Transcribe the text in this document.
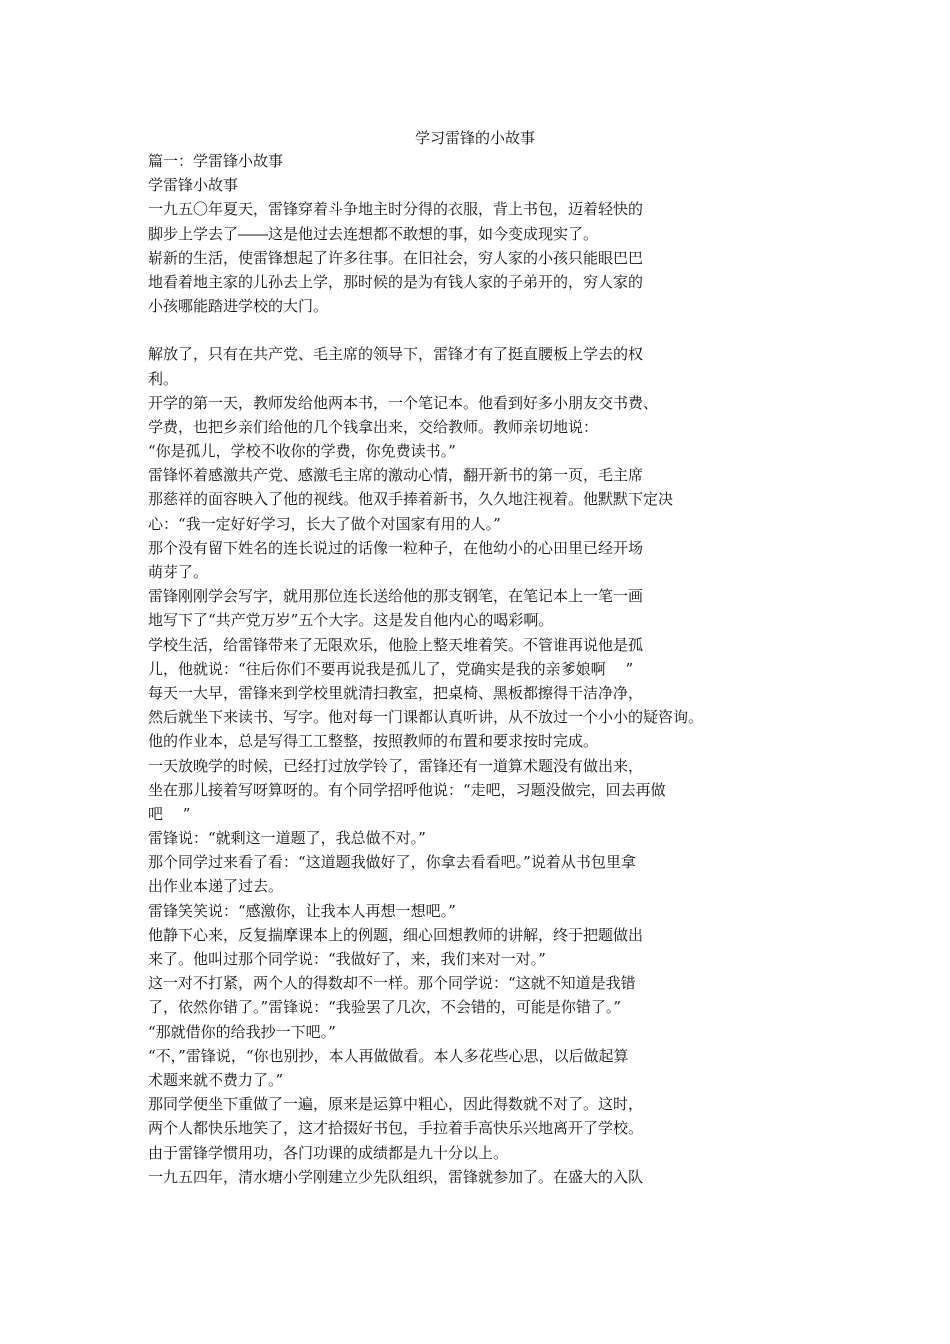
学习雷锋的小故事
篇一：学雷锋小故事
学雷锋小故事
一九五〇年夏天，雷锋穿着斗争地主时分得的衣服，背上书包，迈着轻快的
脚步上学去了――这是他过去连想都不敢想的事，如今变成现实了。
崭新的生活，使雷锋想起了许多往事。在旧社会，穷人家的小孩只能眼巴巴
地看着地主家的儿孙去上学，那时候的是为有钱人家的子弟开的，穷人家的
小孩哪能踏进学校的大门。
解放了，只有在共产党、毛主席的领导下，雷锋才有了挺直腰板上学去的权
利。
开学的第一天，教师发给他两本书，一个笔记本。他看到好多小朋友交书费、
学费，也把乡亲们给他的几个钱拿出来，交给教师。教师亲切地说：
“你是孤儿，学校不收你的学费，你免费读书。”
雷锋怀着感激共产党、感激毛主席的激动心情，翻开新书的第一页，毛主席
那慈祥的面容映入了他的视线。他双手捧着新书，久久地注视着。他默默下定决
心：“我一定好好学习，长大了做个对国家有用的人。”
那个没有留下姓名的连长说过的话像一粒种子，在他幼小的心田里已经开场
萌芽了。
雷锋刚刚学会写字，就用那位连长送给他的那支钢笔，在笔记本上一笔一画
地写下了“共产党万岁”五个大字。这是发自他内心的喝彩啊。
学校生活，给雷锋带来了无限欢乐，他脸上整天堆着笑。不管谁再说他是孤
儿，他就说：“往后你们不要再说我是孤儿了，党确实是我的亲爹娘啊　 ”
每天一大早，雷锋来到学校里就清扫教室，把桌椅、黑板都擦得干洁净净，
然后就坐下来读书、写字。他对每一门课都认真听讲，从不放过一个小小的疑咨询。
他的作业本，总是写得工工整整，按照教师的布置和要求按时完成。
一天放晚学的时候，已经打过放学铃了，雷锋还有一道算术题没有做出来，
坐在那儿接着写呀算呀的。有个同学招呼他说：“走吧，习题没做完，回去再做
吧　 ”
雷锋说：“就剩这一道题了，我总做不对。”
那个同学过来看了看：“这道题我做好了，你拿去看看吧。”说着从书包里拿
出作业本递了过去。
雷锋笑笑说：“感激你，让我本人再想一想吧。”
他静下心来，反复揣摩课本上的例题，细心回想教师的讲解，终于把题做出
来了。他叫过那个同学说：“我做好了，来，我们来对一对。”
这一对不打紧，两个人的得数却不一样。那个同学说：“这就不知道是我错
了，依然你错了。”雷锋说：“我验罢了几次，不会错的，可能是你错了。”
“那就借你的给我抄一下吧。”
“不，”雷锋说，“你也别抄，本人再做做看。本人多花些心思，以后做起算
术题来就不费力了。”
那同学便坐下重做了一遍，原来是运算中粗心，因此得数就不对了。这时，
两个人都快乐地笑了，这才拾掇好书包，手拉着手高快乐兴地离开了学校。
由于雷锋学惯用功，各门功课的成绩都是九十分以上。
一九五四年，清水塘小学刚建立少先队组织，雷锋就参加了。在盛大的入队
